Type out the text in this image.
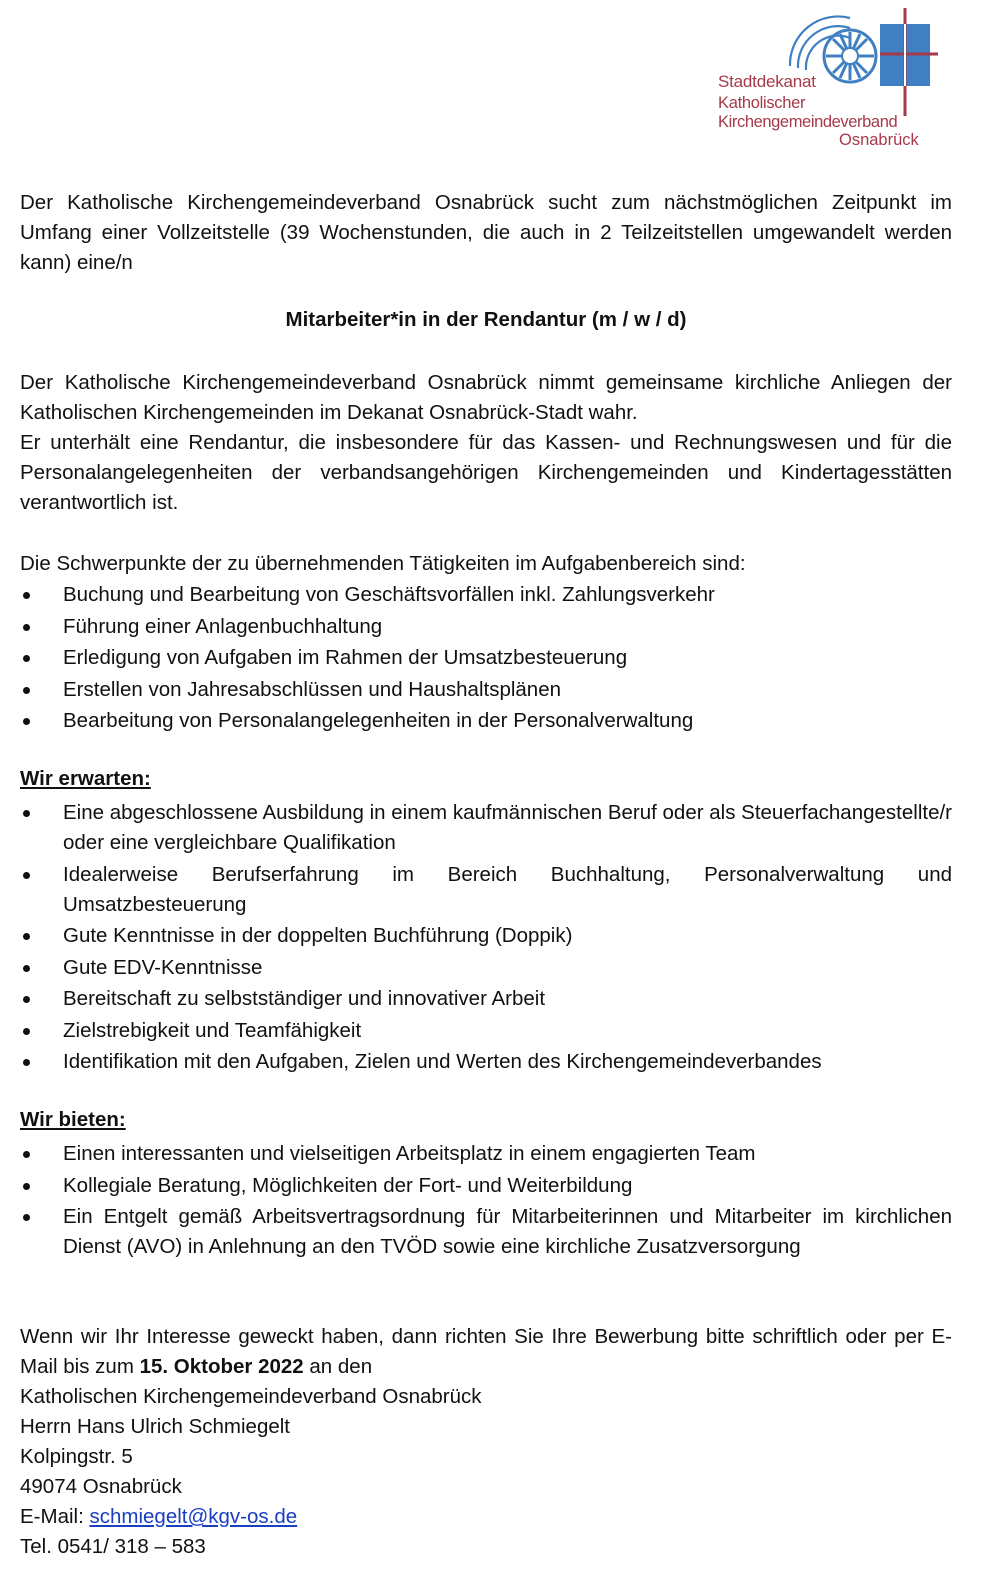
Stadtdekanat
Katholischer
Kirchengemeindeverband
Osnabrück
Der Katholische Kirchengemeindeverband Osnabrück sucht zum nächstmöglichen Zeitpunkt im Umfang einer Vollzeitstelle (39 Wochenstunden, die auch in 2 Teilzeitstellen umgewandelt werden kann) eine/n
Mitarbeiter*in in der Rendantur (m / w / d)
Der Katholische Kirchengemeindeverband Osnabrück nimmt gemeinsame kirchliche Anliegen der Katholischen Kirchengemeinden im Dekanat Osnabrück-Stadt wahr.
Er unterhält eine Rendantur, die insbesondere für das Kassen- und Rechnungswesen und für die Personalangelegenheiten der verbandsangehörigen Kirchengemeinden und Kindertagesstätten verantwortlich ist.
Die Schwerpunkte der zu übernehmenden Tätigkeiten im Aufgabenbereich sind:
Buchung und Bearbeitung von Geschäftsvorfällen inkl. Zahlungsverkehr
Führung einer Anlagenbuchhaltung
Erledigung von Aufgaben im Rahmen der Umsatzbesteuerung
Erstellen von Jahresabschlüssen und Haushaltsplänen
Bearbeitung von Personalangelegenheiten in der Personalverwaltung
Wir erwarten:
Eine abgeschlossene Ausbildung in einem kaufmännischen Beruf oder als Steuerfachangestellte/r oder eine vergleichbare Qualifikation
Idealerweise Berufserfahrung im Bereich Buchhaltung, Personalverwaltung und Umsatzbesteuerung
Gute Kenntnisse in der doppelten Buchführung (Doppik)
Gute EDV-Kenntnisse
Bereitschaft zu selbstständiger und innovativer Arbeit
Zielstrebigkeit und Teamfähigkeit
Identifikation mit den Aufgaben, Zielen und Werten des Kirchengemeindeverbandes
Wir bieten:
Einen interessanten und vielseitigen Arbeitsplatz in einem engagierten Team
Kollegiale Beratung, Möglichkeiten der Fort- und Weiterbildung
Ein Entgelt gemäß Arbeitsvertragsordnung für Mitarbeiterinnen und Mitarbeiter im kirchlichen Dienst (AVO) in Anlehnung an den TVÖD sowie eine kirchliche Zusatzversorgung
Wenn wir Ihr Interesse geweckt haben, dann richten Sie Ihre Bewerbung bitte schriftlich oder per E-Mail bis zum 15. Oktober 2022 an den
Katholischen Kirchengemeindeverband Osnabrück
Herrn Hans Ulrich Schmiegelt
Kolpingstr. 5
49074 Osnabrück
E-Mail: schmiegelt@kgv-os.de
Tel. 0541/ 318 – 583
